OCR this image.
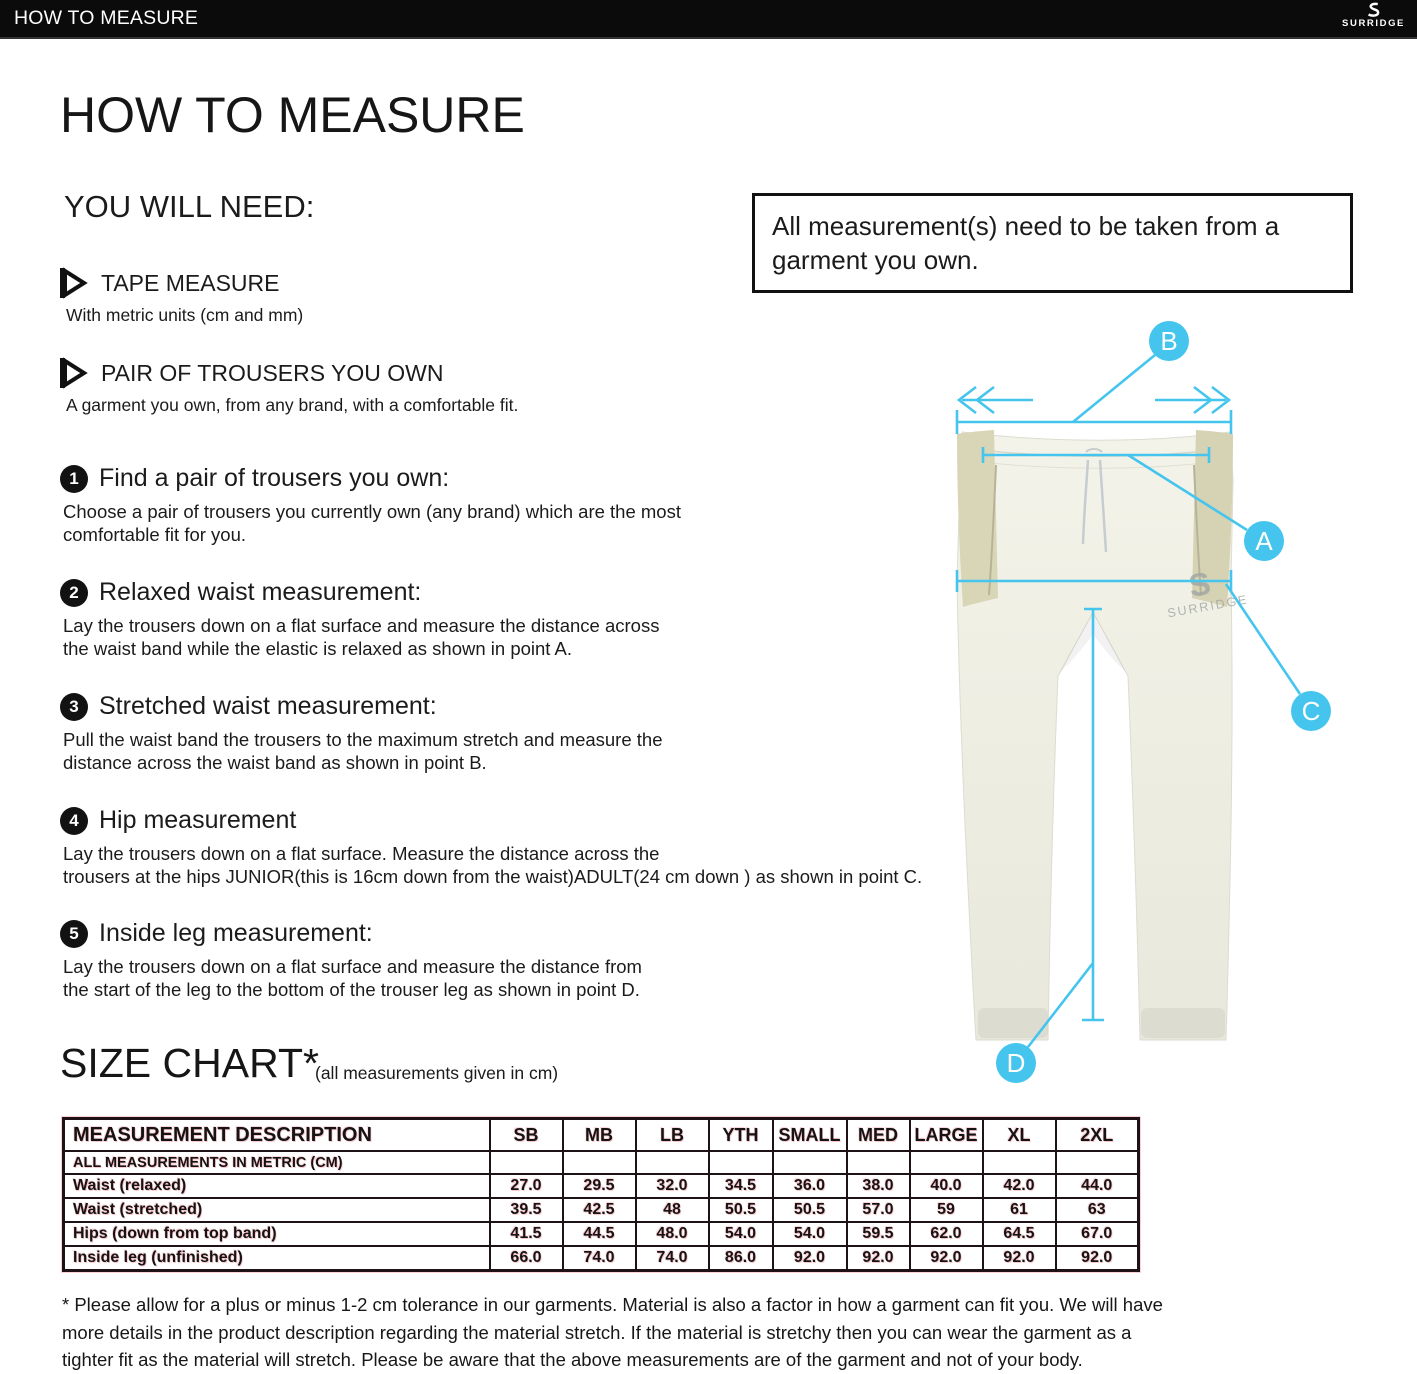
HOW TO MEASURE	SURRIDGE
HOW TO MEASURE
YOU WILL NEED:
TAPE MEASURE
With metric units (cm and mm)
PAIR OF TROUSERS YOU OWN
A garment you own, from any brand, with a comfortable fit.
1 Find a pair of trousers you own:
Choose a pair of trousers you currently own (any brand) which are the most
comfortable fit for you.
2 Relaxed waist measurement:
Lay the trousers down on a flat surface and measure the distance across
the waist band while the elastic is relaxed as shown in point A.
3 Stretched waist measurement:
Pull the waist band the trousers to the maximum stretch and measure the
distance across the waist band as shown in point B.
4 Hip measurement
Lay the trousers down on a flat surface. Measure the distance across the
trousers at the hips JUNIOR(this is 16cm down from the waist)ADULT(24 cm down ) as shown in point C.
5 Inside leg measurement:
Lay the trousers down on a flat surface and measure the distance from
the start of the leg to the bottom of the trouser leg as shown in point D.
All measurement(s) need to be taken from a garment you own.
S
SURRIDGE
A
B
C
D
SIZE CHART*
(all measurements given in cm)
MEASUREMENT DESCRIPTION	SB	MB	LB	YTH	SMALL	MED	LARGE	XL	2XL
ALL MEASUREMENTS IN METRIC (CM)									
Waist (relaxed)	27.0	29.5	32.0	34.5	36.0	38.0	40.0	42.0	44.0
Waist (stretched)	39.5	42.5	48	50.5	50.5	57.0	59	61	63
Hips (down from top band)	41.5	44.5	48.0	54.0	54.0	59.5	62.0	64.5	67.0
Inside leg (unfinished)	66.0	74.0	74.0	86.0	92.0	92.0	92.0	92.0	92.0
* Please allow for a plus or minus 1-2 cm tolerance in our garments. Material is also a factor in how a garment can fit you. We will have
more details in the product description regarding the material stretch. If the material is stretchy then you can wear the garment as a
tighter fit as the material will stretch. Please be aware that the above measurements are of the garment and not of your body.
